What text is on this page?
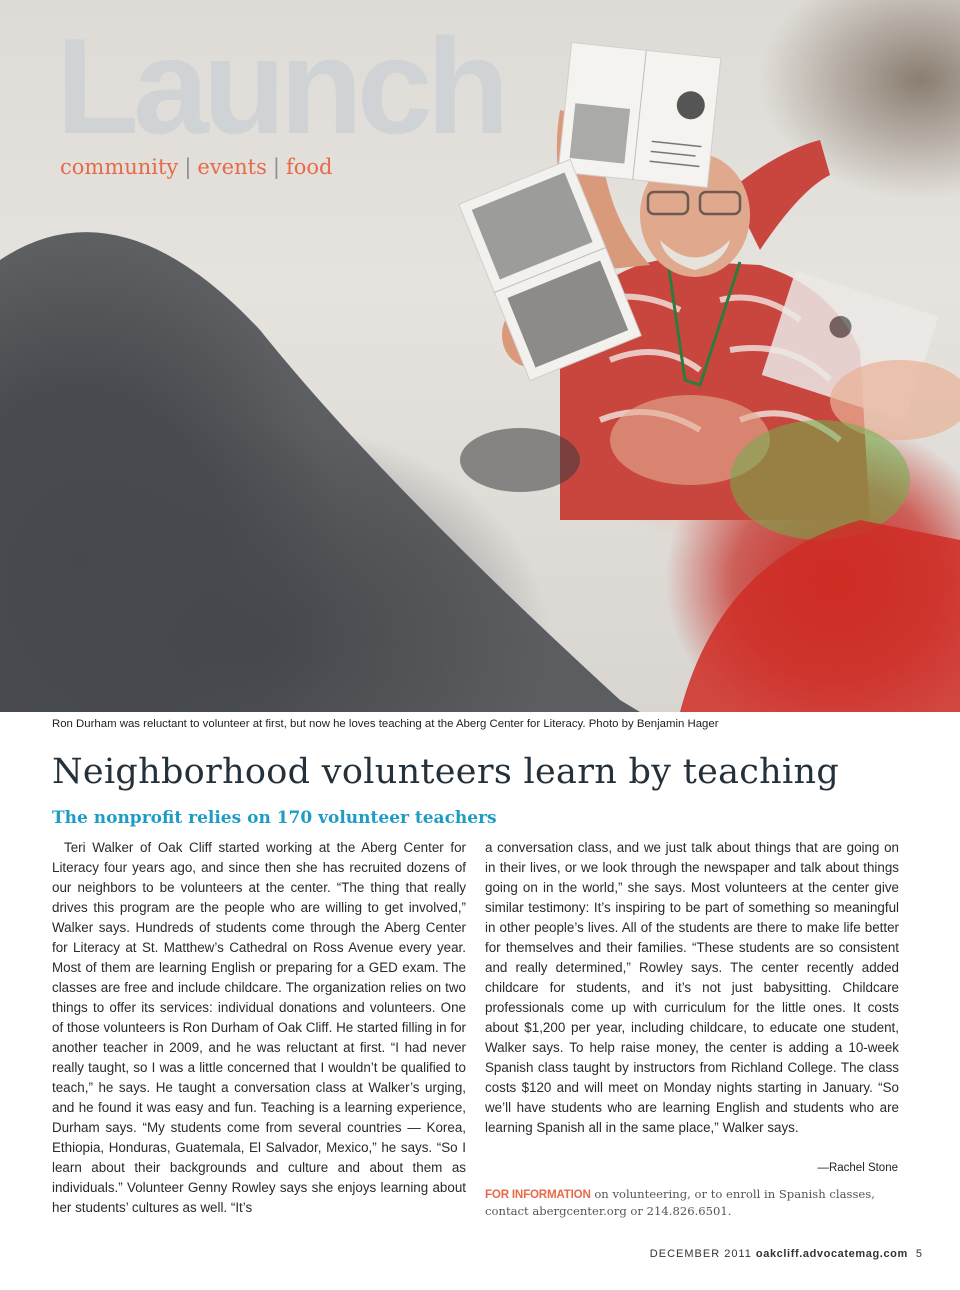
Launch
community | events | food

Ron Durham was reluctant to volunteer at first, but now he loves teaching at the Aberg Center for Literacy. Photo by Benjamin Hager

Neighborhood volunteers learn by teaching
The nonprofit relies on 170 volunteer teachers

Teri Walker of Oak Cliff started working at the Aberg Center for Literacy four years ago, and since then she has recruited dozens of our neighbors to be volunteers at the center. “The thing that really drives this program are the people who are willing to get involved,” Walker says. Hundreds of students come through the Aberg Center for Literacy at St. Matthew’s Cathedral on Ross Avenue every year. Most of them are learning English or preparing for a GED exam. The classes are free and include childcare. The organization relies on two things to offer its services: individual donations and volunteers. One of those volunteers is Ron Durham of Oak Cliff. He started filling in for another teacher in 2009, and he was reluctant at first. “I had never really taught, so I was a little concerned that I wouldn’t be qualified to teach,” he says. He taught a conversation class at Walker’s urging, and he found it was easy and fun. Teaching is a learning experience, Durham says. “My students come from several countries — Korea, Ethiopia, Honduras, Guatemala, El Salvador, Mexico,” he says. “So I learn about their backgrounds and culture and about them as individuals.” Volunteer Genny Rowley says she enjoys learning about her students’ cultures as well. “It’s

a conversation class, and we just talk about things that are going on in their lives, or we look through the newspaper and talk about things going on in the world,” she says. Most volunteers at the center give similar testimony: It’s inspiring to be part of something so meaningful in other people’s lives. All of the students are there to make life better for themselves and their families. “These students are so consistent and really determined,” Rowley says. The center recently added childcare for students, and it’s not just babysitting. Childcare professionals come up with curriculum for the little ones. It costs about $1,200 per year, including childcare, to educate one student, Walker says. To help raise money, the center is adding a 10-week Spanish class taught by instructors from Richland College. The class costs $120 and will meet on Monday nights starting in January. “So we’ll have students who are learning English and students who are learning Spanish all in the same place,” Walker says.

—Rachel Stone

FOR INFORMATION on volunteering, or to enroll in Spanish classes, contact abergcenter.org or 214.826.6501.

DECEMBER 2011 oakcliff.advocatemag.com 5
